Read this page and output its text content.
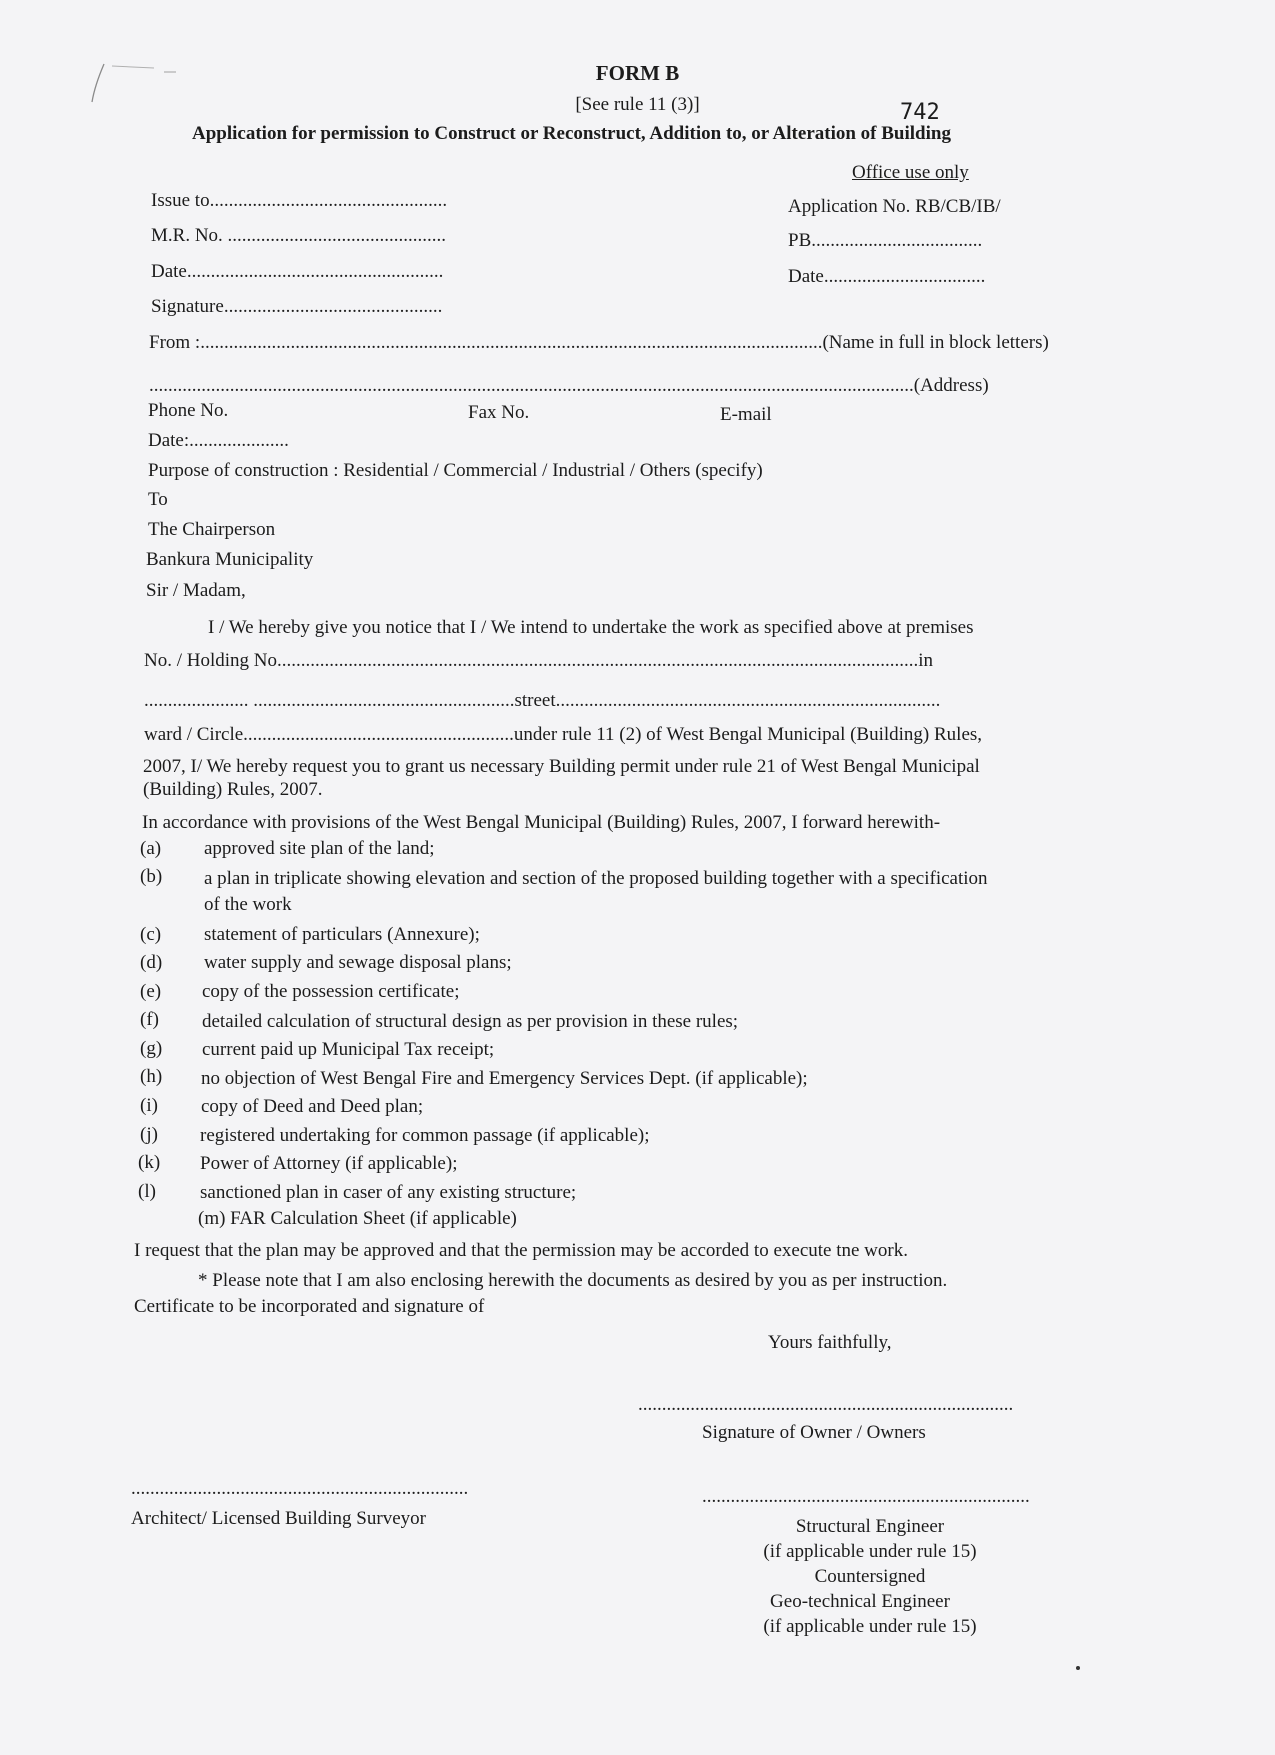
FORM B
[See rule 11 (3)]	742
Application for permission to Construct or Reconstruct, Addition to, or Alteration of Building
Office use only
Application No. RB/CB/IB/
PB....................................
Date..................................
Issue to..................................................
M.R. No. ..............................................
Date......................................................
Signature..............................................
From :...................................................................................................................................(Name in full in block letters)
.................................................................................................................................................................(Address)
Phone No.	Fax No.	E-mail
Date:.....................
Purpose of construction : Residential / Commercial / Industrial / Others (specify)
To
The Chairperson
Bankura Municipality
Sir / Madam,
I / We hereby give you notice that I / We intend to undertake the work as specified above at premises
No. / Holding No.......................................................................................................................................in
...................... .......................................................street.................................................................................
ward / Circle.........................................................under rule 11 (2) of West Bengal Municipal (Building) Rules,
2007, I/ We hereby request you to grant us necessary Building permit under rule 21 of West Bengal Municipal
(Building) Rules, 2007.
In accordance with provisions of the West Bengal Municipal (Building) Rules, 2007, I forward herewith-
(a) approved site plan of the land;
(b) a plan in triplicate showing elevation and section of the proposed building together with a specification
of the work
(c) statement of particulars (Annexure);
(d) water supply and sewage disposal plans;
(e) copy of the possession certificate;
(f) detailed calculation of structural design as per provision in these rules;
(g) current paid up Municipal Tax receipt;
(h) no objection of West Bengal Fire and Emergency Services Dept. (if applicable);
(i) copy of Deed and Deed plan;
(j) registered undertaking for common passage (if applicable);
(k) Power of Attorney (if applicable);
(l) sanctioned plan in caser of any existing structure;
(m) FAR Calculation Sheet (if applicable)
I request that the plan may be approved and that the permission may be accorded to execute tne work.
* Please note that I am also enclosing herewith the documents as desired by you as per instruction.
Certificate to be incorporated and signature of
Yours faithfully,
...............................................................................
Signature of Owner / Owners
.......................................................................
Architect/ Licensed Building Surveyor
.....................................................................
Structural Engineer
(if applicable under rule 15)
Countersigned
Geo-technical Engineer
(if applicable under rule 15)
